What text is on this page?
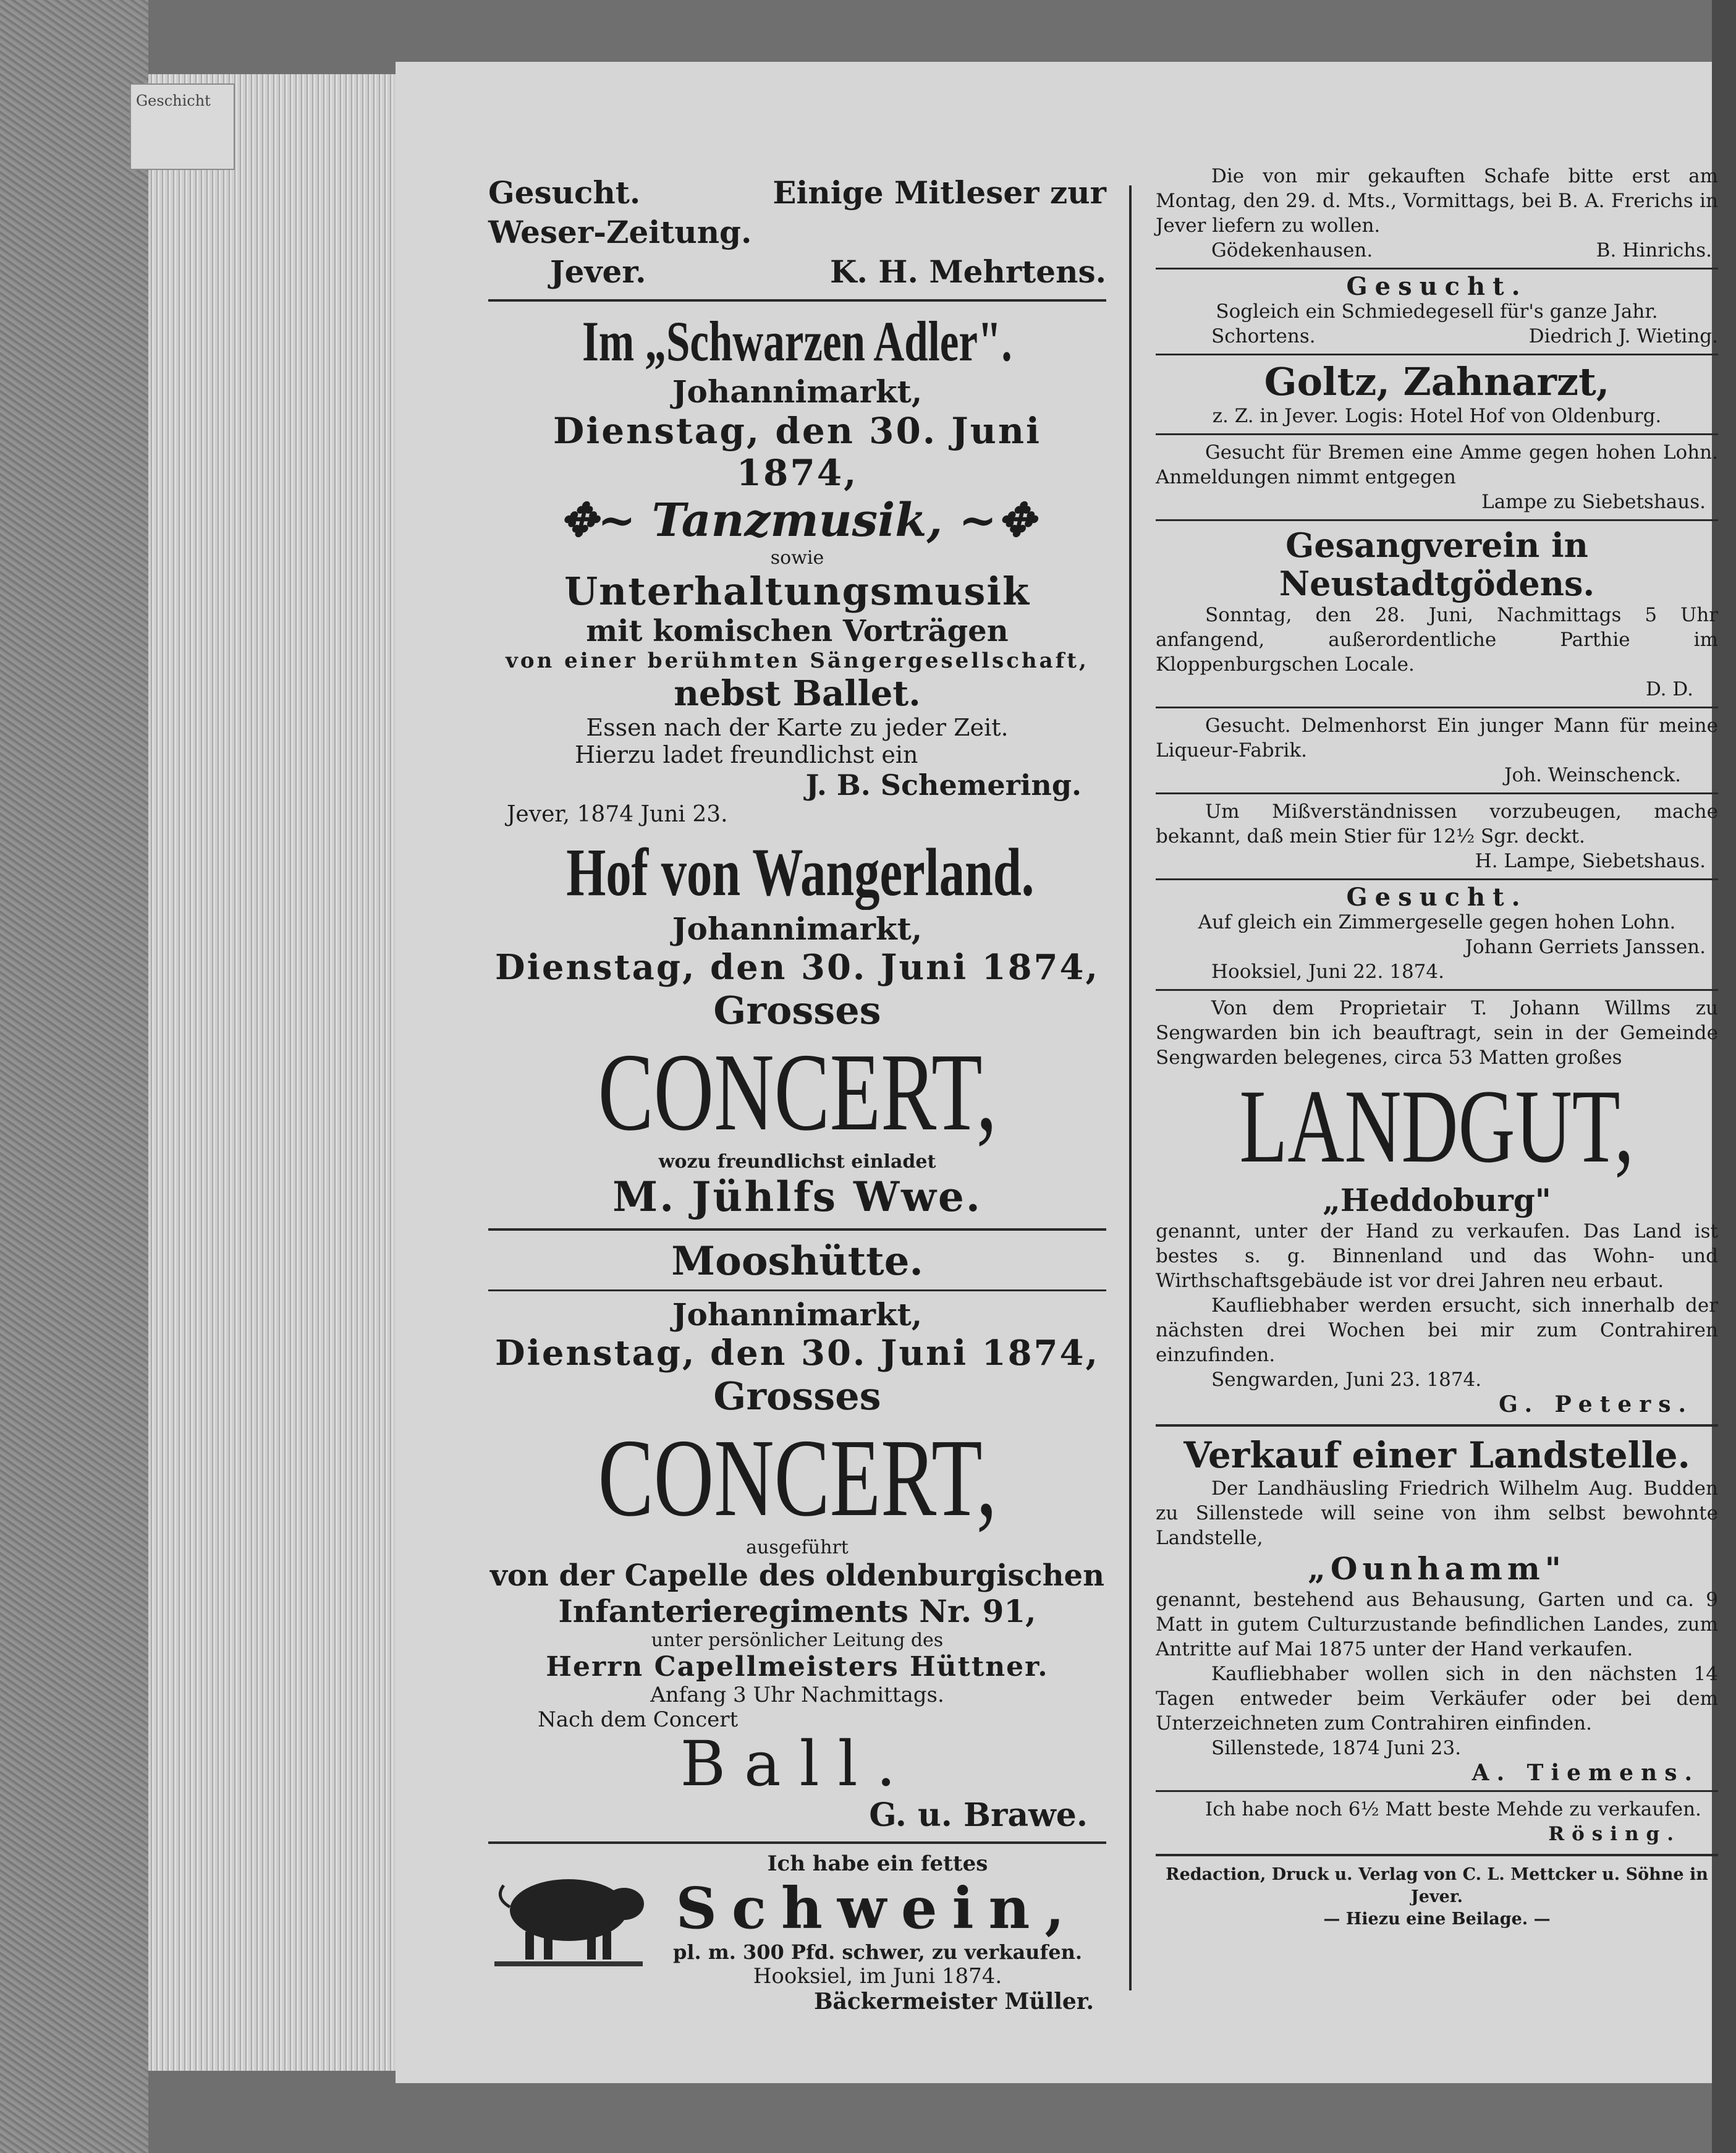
Geschicht
Gesucht.	Einige Mitleser zur
Weser-Zeitung.
Jever.	K. H. Mehrtens.
Im „Schwarzen Adler".
Johannimarkt,
Dienstag, den 30. Juni 1874,
✥~ Tanzmusik, ~✥
sowie
Unterhaltungsmusik
mit komischen Vorträgen
von einer berühmten Sängergesellschaft,
nebst Ballet.
Essen nach der Karte zu jeder Zeit.
Hierzu ladet freundlichst ein
J. B. Schemering.
Jever, 1874 Juni 23.
Hof von Wangerland.
Johannimarkt,
Dienstag, den 30. Juni 1874,
Grosses
CONCERT,
wozu freundlichst einladet
M. Jühlfs Wwe.
Mooshütte.
Johannimarkt,
Dienstag, den 30. Juni 1874,
Grosses
CONCERT,
ausgeführt
von der Capelle des oldenburgischen
Infanterieregiments Nr. 91,
unter persönlicher Leitung des
Herrn Capellmeisters Hüttner.
Anfang 3 Uhr Nachmittags.
Nach dem Concert
Ball.
G. u. Brawe.
Ich habe ein fettes
Schwein,
pl. m. 300 Pfd. schwer, zu verkaufen.
Hooksiel, im Juni 1874.
Bäckermeister Müller.
Die von mir gekauften Schafe bitte erst am Montag, den 29. d. Mts., Vormittags, bei B. A. Frerichs in Jever liefern zu wollen.
Gödekenhausen.	B. Hinrichs.
Gesucht.
Sogleich ein Schmiedegesell für's ganze Jahr.
Schortens.	Diedrich J. Wieting.
Goltz, Zahnarzt,
z. Z. in Jever. Logis: Hotel Hof von Oldenburg.
Gesucht für Bremen eine Amme gegen hohen Lohn. Anmeldungen nimmt entgegen
Lampe zu Siebetshaus.
Gesangverein in Neustadtgödens.
Sonntag, den 28. Juni, Nachmittags 5 Uhr anfangend, außerordentliche Parthie im Kloppenburgschen Locale.
D. D.
Gesucht. Delmenhorst Ein junger Mann für meine Liqueur-Fabrik.
Joh. Weinschenck.
Um Mißverständnissen vorzubeugen, mache bekannt, daß mein Stier für 12½ Sgr. deckt.
H. Lampe, Siebetshaus.
Gesucht.
Auf gleich ein Zimmergeselle gegen hohen Lohn.
Johann Gerriets Janssen.
Hooksiel, Juni 22. 1874.
Von dem Proprietair T. Johann Willms zu Sengwarden bin ich beauftragt, sein in der Gemeinde Sengwarden belegenes, circa 53 Matten großes
LANDGUT,
„Heddoburg"
genannt, unter der Hand zu verkaufen. Das Land ist bestes s. g. Binnenland und das Wohn- und Wirthschaftsgebäude ist vor drei Jahren neu erbaut.
Kaufliebhaber werden ersucht, sich innerhalb der nächsten drei Wochen bei mir zum Contrahiren einzufinden.
Sengwarden, Juni 23. 1874.
G. Peters.
Verkauf einer Landstelle.
Der Landhäusling Friedrich Wilhelm Aug. Budden zu Sillenstede will seine von ihm selbst bewohnte Landstelle,
„Ounhamm"
genannt, bestehend aus Behausung, Garten und ca. 9 Matt in gutem Culturzustande befindlichen Landes, zum Antritte auf Mai 1875 unter der Hand verkaufen.
Kaufliebhaber wollen sich in den nächsten 14 Tagen entweder beim Verkäufer oder bei dem Unterzeichneten zum Contrahiren einfinden.
Sillenstede, 1874 Juni 23.
A. Tiemens.
Ich habe noch 6½ Matt beste Mehde zu verkaufen.
Rösing.
Redaction, Druck u. Verlag von C. L. Mettcker u. Söhne in Jever.
— Hiezu eine Beilage. —
